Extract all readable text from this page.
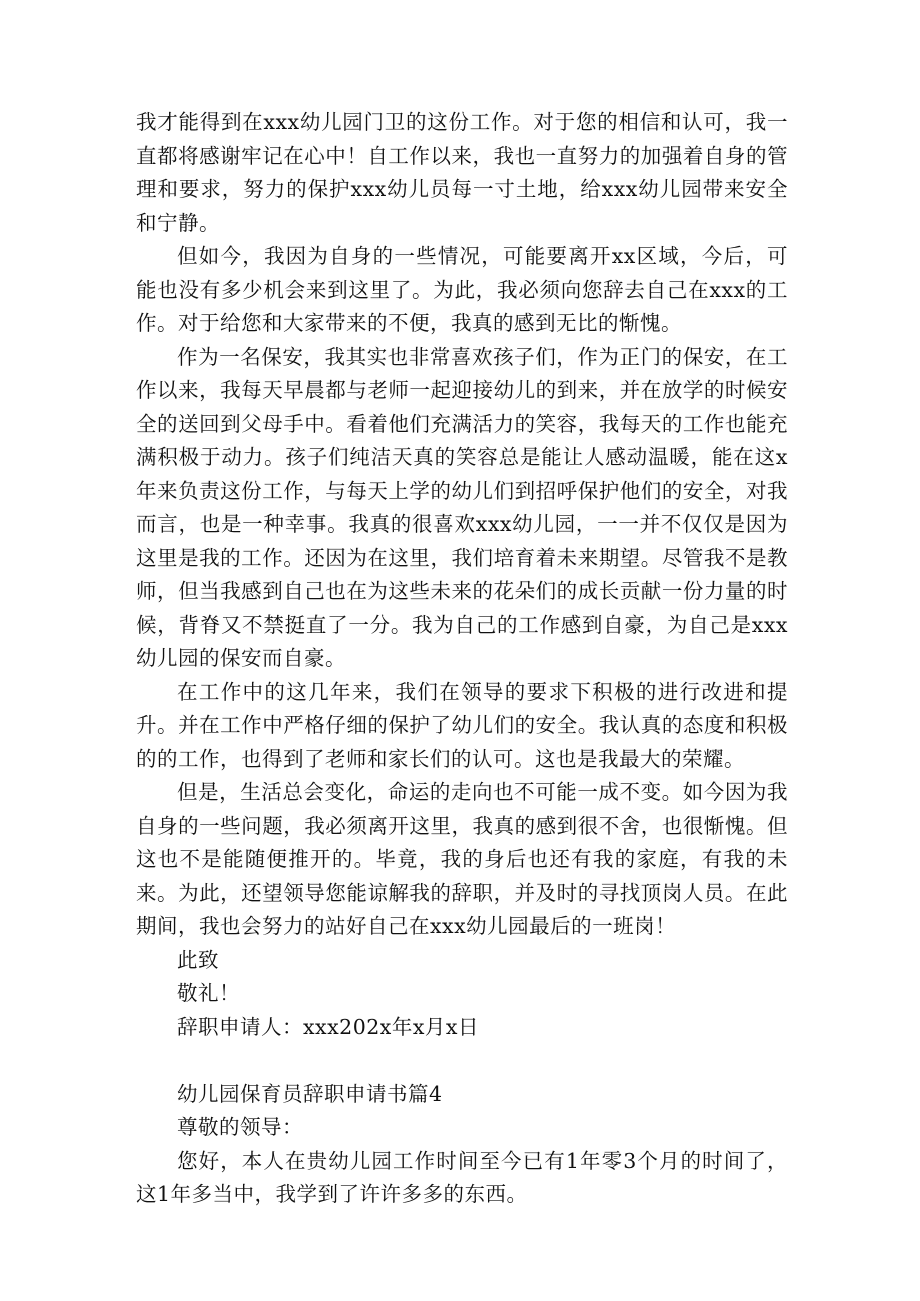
我才能得到在xxx幼儿园门卫的这份工作。对于您的相信和认可，我一直都将感谢牢记在心中！自工作以来，我也一直努力的加强着自身的管理和要求，努力的保护xxx幼儿员每一寸土地，给xxx幼儿园带来安全和宁静。

但如今，我因为自身的一些情况，可能要离开xx区域，今后，可能也没有多少机会来到这里了。为此，我必须向您辞去自己在xxx的工作。对于给您和大家带来的不便，我真的感到无比的惭愧。

作为一名保安，我其实也非常喜欢孩子们，作为正门的保安，在工作以来，我每天早晨都与老师一起迎接幼儿的到来，并在放学的时候安全的送回到父母手中。看着他们充满活力的笑容，我每天的工作也能充满积极于动力。孩子们纯洁天真的笑容总是能让人感动温暖，能在这x年来负责这份工作，与每天上学的幼儿们到招呼保护他们的安全，对我而言，也是一种幸事。我真的很喜欢xxx幼儿园，一一并不仅仅是因为这里是我的工作。还因为在这里，我们培育着未来期望。尽管我不是教师，但当我感到自己也在为这些未来的花朵们的成长贡献一份力量的时候，背脊又不禁挺直了一分。我为自己的工作感到自豪，为自己是xxx幼儿园的保安而自豪。

在工作中的这几年来，我们在领导的要求下积极的进行改进和提升。并在工作中严格仔细的保护了幼儿们的安全。我认真的态度和积极的的工作，也得到了老师和家长们的认可。这也是我最大的荣耀。

但是，生活总会变化，命运的走向也不可能一成不变。如今因为我自身的一些问题，我必须离开这里，我真的感到很不舍，也很惭愧。但这也不是能随便推开的。毕竟，我的身后也还有我的家庭，有我的未来。为此，还望领导您能谅解我的辞职，并及时的寻找顶岗人员。在此期间，我也会努力的站好自己在xxx幼儿园最后的一班岗！

此致

敬礼！

辞职申请人：xxx202x年x月x日

幼儿园保育员辞职申请书篇4

尊敬的领导：

您好，本人在贵幼儿园工作时间至今已有1年零3个月的时间了，这1年多当中，我学到了许许多多的东西。
